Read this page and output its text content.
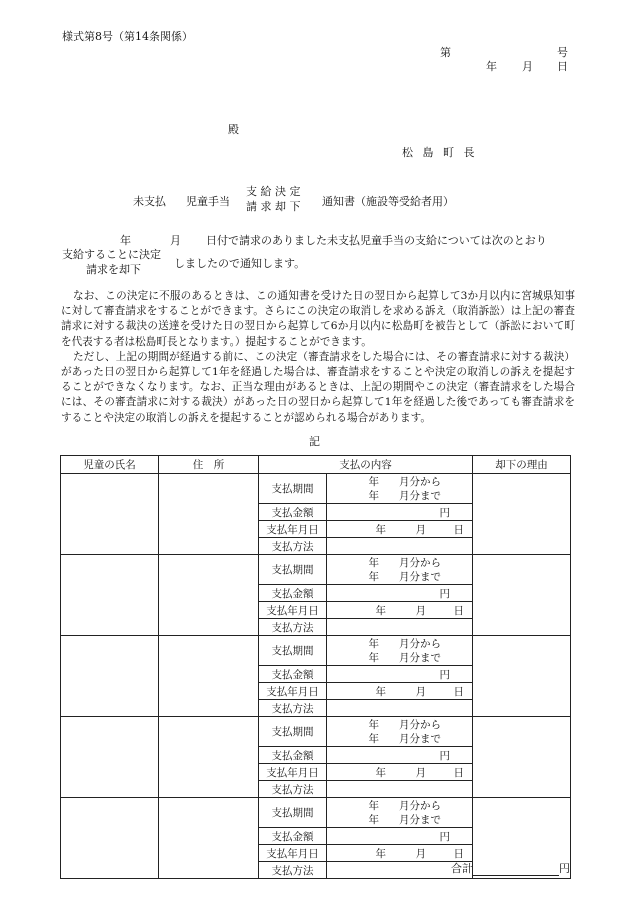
様式第8号（第14条関係）
第	号
年 月 日
殿
松 島 町 長
未支払 児童手当
支 給 決 定
請 求 却 下 通知書（施設等受給者用）
年	月 日付で請求のありました未支払児童手当の支給については次のとおり
支給することに決定
請求を却下	しましたので通知します。

なお、この決定に不服のあるときは、この通知書を受けた日の翌日から起算して3か月以内に宮城県知事に対して審査請求をすることができます。さらにこの決定の取消しを求める訴え（取消訴訟）は上記の審査請求に対する裁決の送達を受けた日の翌日から起算して6か月以内に松島町を被告として（訴訟において町を代表する者は松島町長となります。）提起することができます。

ただし、上記の期間が経過する前に、この決定（審査請求をした場合には、その審査請求に対する裁決）があった日の翌日から起算して1年を経過した場合は、審査請求をすることや決定の取消しの訴えを提起することができなくなります。なお、正当な理由があるときは、上記の期間やこの決定（審査請求をした場合には、その審査請求に対する裁決）があった日の翌日から起算して1年を経過した後であっても審査請求をすることや決定の取消しの訴えを提起することが認められる場合があります。

記
児童の氏名	住　所	支払の内容		却下の理由
		支払期間	年 月分から
年 月分まで	

		支払金額	円	
		支払年月日	年 月 日	
		支払方法		
		支払期間	年 月分から
年 月分まで	

		支払金額	円	
		支払年月日	年 月 日	
		支払方法		
		支払期間	年 月分から
年 月分まで	

		支払金額	円	
		支払年月日	年 月 日	
		支払方法		
		支払期間	年 月分から
年 月分まで	

		支払金額	円	
		支払年月日	年 月 日	
		支払方法		
		支払期間	年 月分から
年 月分まで	

		支払金額	円	
		支払年月日	年 月 日	
		支払方法			合計	円
